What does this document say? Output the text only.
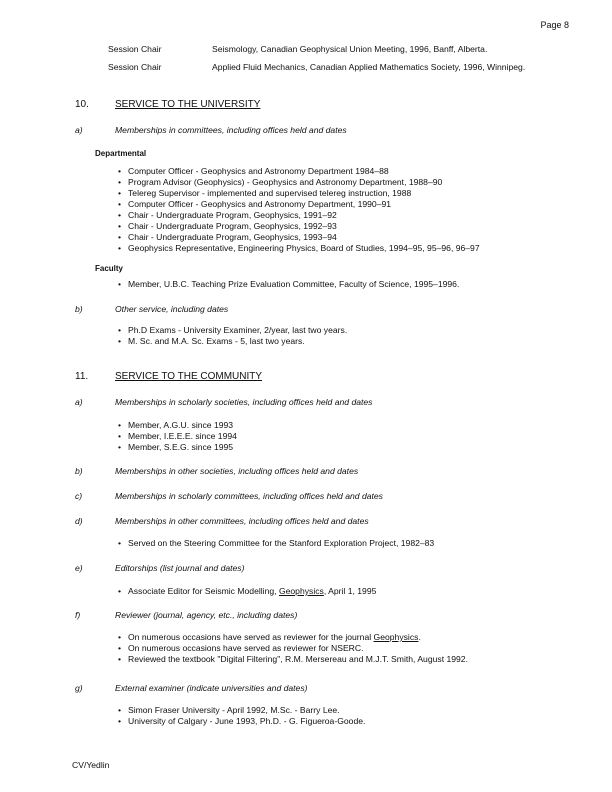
Page 8
Session Chair	Seismology, Canadian Geophysical Union Meeting, 1996, Banff, Alberta.
Session Chair	Applied Fluid Mechanics, Canadian Applied Mathematics Society, 1996, Winnipeg.
10.	SERVICE TO THE UNIVERSITY
a)	Memberships in committees, including offices held and dates
Departmental
• Computer Officer - Geophysics and Astronomy Department 1984–88
• Program Advisor (Geophysics) - Geophysics and Astronomy Department, 1988–90
• Telereg Supervisor - implemented and supervised telereg instruction, 1988
• Computer Officer - Geophysics and Astronomy Department, 1990–91
• Chair - Undergraduate Program, Geophysics, 1991–92
• Chair - Undergraduate Program, Geophysics, 1992–93
• Chair - Undergraduate Program, Geophysics, 1993–94
• Geophysics Representative, Engineering Physics, Board of Studies, 1994–95, 95–96, 96–97
Faculty
• Member, U.B.C. Teaching Prize Evaluation Committee, Faculty of Science, 1995–1996.
b)	Other service, including dates
• Ph.D Exams - University Examiner, 2/year, last two years.
• M. Sc. and M.A. Sc. Exams - 5, last two years.
11.	SERVICE TO THE COMMUNITY
a)	Memberships in scholarly societies, including offices held and dates
• Member, A.G.U. since 1993
• Member, I.E.E.E. since 1994
• Member, S.E.G. since 1995
b)	Memberships in other societies, including offices held and dates
c)	Memberships in scholarly committees, including offices held and dates
d)	Memberships in other committees, including offices held and dates
• Served on the Steering Committee for the Stanford Exploration Project, 1982–83
e)	Editorships (list journal and dates)
• Associate Editor for Seismic Modelling, Geophysics, April 1, 1995
f)	Reviewer (journal, agency, etc., including dates)
• On numerous occasions have served as reviewer for the journal Geophysics.
• On numerous occasions have served as reviewer for NSERC.
• Reviewed the textbook "Digital Filtering", R.M. Mersereau and M.J.T. Smith, August 1992.
g)	External examiner (indicate universities and dates)
• Simon Fraser University - April 1992, M.Sc. - Barry Lee.
• University of Calgary - June 1993, Ph.D. - G. Figueroa-Goode.
CV/Yedlin
